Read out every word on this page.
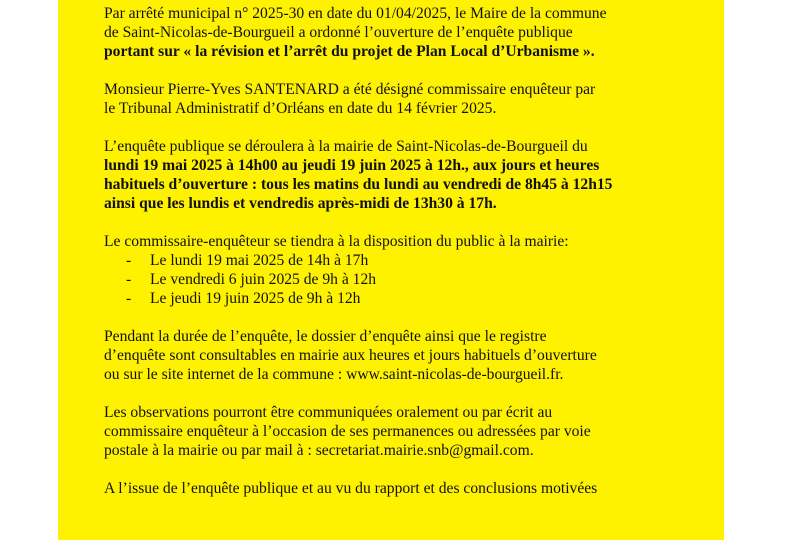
Par arrêté municipal n° 2025-30 en date du 01/04/2025, le Maire de la commune
de Saint-Nicolas-de-Bourgueil a ordonné l’ouverture de l’enquête publique
portant sur « la révision et l’arrêt du projet de Plan Local d’Urbanisme ».

Monsieur Pierre-Yves SANTENARD a été désigné commissaire enquêteur par
le Tribunal Administratif d’Orléans en date du 14 février 2025.

L’enquête publique se déroulera à la mairie de Saint-Nicolas-de-Bourgueil du
lundi 19 mai 2025 à 14h00 au jeudi 19 juin 2025 à 12h., aux jours et heures
habituels d’ouverture : tous les matins du lundi au vendredi de 8h45 à 12h15
ainsi que les lundis et vendredis après-midi de 13h30 à 17h.

Le commissaire-enquêteur se tiendra à la disposition du public à la mairie:

-	Le lundi 19 mai 2025 de 14h à 17h
-	Le vendredi 6 juin 2025 de 9h à 12h
-	Le jeudi 19 juin 2025 de 9h à 12h

Pendant la durée de l’enquête, le dossier d’enquête ainsi que le registre
d’enquête sont consultables en mairie aux heures et jours habituels d’ouverture
ou sur le site internet de la commune : www.saint-nicolas-de-bourgueil.fr.

Les observations pourront être communiquées oralement ou par écrit au
commissaire enquêteur à l’occasion de ses permanences ou adressées par voie
postale à la mairie ou par mail à : secretariat.mairie.snb@gmail.com.

A l’issue de l’enquête publique et au vu du rapport et des conclusions motivées
